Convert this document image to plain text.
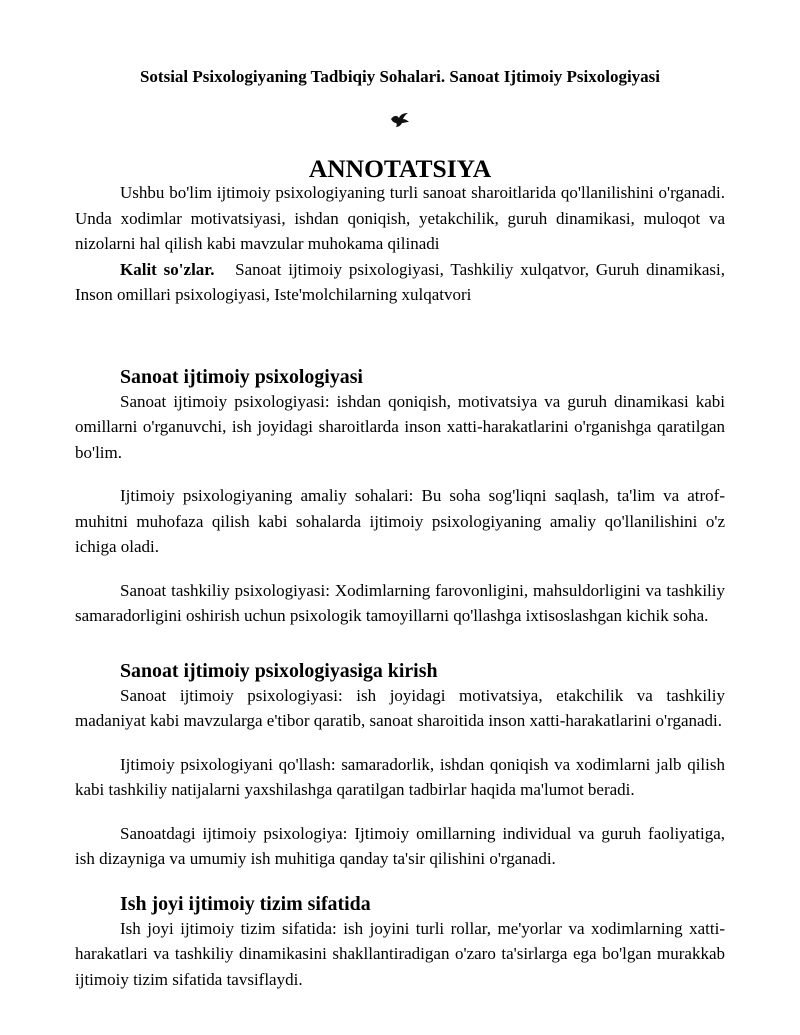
Sotsial Psixologiyaning Tadbiqiy Sohalari. Sanoat Ijtimoiy Psixologiyasi
ANNOTATSIYA

Ushbu bo'lim ijtimoiy psixologiyaning turli sanoat sharoitlarida qo'llanilishini o'rganadi. Unda xodimlar motivatsiyasi, ishdan qoniqish, yetakchilik, guruh dinamikasi, muloqot va nizolarni hal qilish kabi mavzular muhokama qilinadi

Kalit so'zlar. Sanoat ijtimoiy psixologiyasi, Tashkiliy xulqatvor, Guruh dinamikasi, Inson omillari psixologiyasi, Iste'molchilarning xulqatvori

Sanoat ijtimoiy psixologiyasi

Sanoat ijtimoiy psixologiyasi: ishdan qoniqish, motivatsiya va guruh dinamikasi kabi omillarni o'rganuvchi, ish joyidagi sharoitlarda inson xatti-harakatlarini o'rganishga qaratilgan bo'lim.

Ijtimoiy psixologiyaning amaliy sohalari: Bu soha sog'liqni saqlash, ta'lim va atrof-muhitni muhofaza qilish kabi sohalarda ijtimoiy psixologiyaning amaliy qo'llanilishini o'z ichiga oladi.

Sanoat tashkiliy psixologiyasi: Xodimlarning farovonligini, mahsuldorligini va tashkiliy samaradorligini oshirish uchun psixologik tamoyillarni qo'llashga ixtisoslashgan kichik soha.

Sanoat ijtimoiy psixologiyasiga kirish

Sanoat ijtimoiy psixologiyasi: ish joyidagi motivatsiya, etakchilik va tashkiliy madaniyat kabi mavzularga e'tibor qaratib, sanoat sharoitida inson xatti-harakatlarini o'rganadi.

Ijtimoiy psixologiyani qo'llash: samaradorlik, ishdan qoniqish va xodimlarni jalb qilish kabi tashkiliy natijalarni yaxshilashga qaratilgan tadbirlar haqida ma'lumot beradi.

Sanoatdagi ijtimoiy psixologiya: Ijtimoiy omillarning individual va guruh faoliyatiga, ish dizayniga va umumiy ish muhitiga qanday ta'sir qilishini o'rganadi.

Ish joyi ijtimoiy tizim sifatida

Ish joyi ijtimoiy tizim sifatida: ish joyini turli rollar, me'yorlar va xodimlarning xatti-harakatlari va tashkiliy dinamikasini shakllantiradigan o'zaro ta'sirlarga ega bo'lgan murakkab ijtimoiy tizim sifatida tavsiflaydi.
